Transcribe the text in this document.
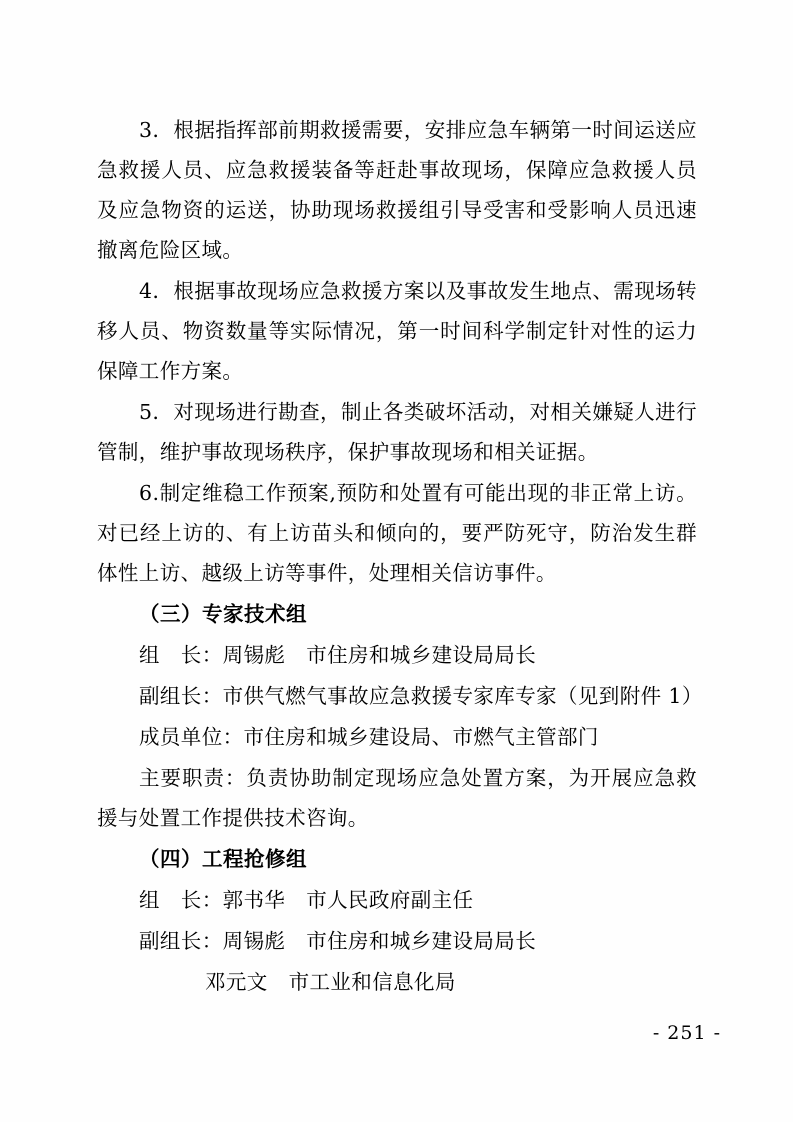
3．根据指挥部前期救援需要，安排应急车辆第一时间运送应急救援人员、应急救援装备等赶赴事故现场，保障应急救援人员及应急物资的运送，协助现场救援组引导受害和受影响人员迅速撤离危险区域。

4．根据事故现场应急救援方案以及事故发生地点、需现场转移人员、物资数量等实际情况，第一时间科学制定针对性的运力保障工作方案。

5．对现场进行勘查，制止各类破坏活动，对相关嫌疑人进行管制，维护事故现场秩序，保护事故现场和相关证据。

6.制定维稳工作预案,预防和处置有可能出现的非正常上访。对已经上访的、有上访苗头和倾向的，要严防死守，防治发生群体性上访、越级上访等事件，处理相关信访事件。

（三）专家技术组

组　长：周锡彪　市住房和城乡建设局局长

副组长：市供气燃气事故应急救援专家库专家（见到附件 1）

成员单位：市住房和城乡建设局、市燃气主管部门

主要职责：负责协助制定现场应急处置方案，为开展应急救援与处置工作提供技术咨询。

（四）工程抢修组

组　长：郭书华　市人民政府副主任

副组长：周锡彪　市住房和城乡建设局局长

邓元文　市工业和信息化局

- 251 -
